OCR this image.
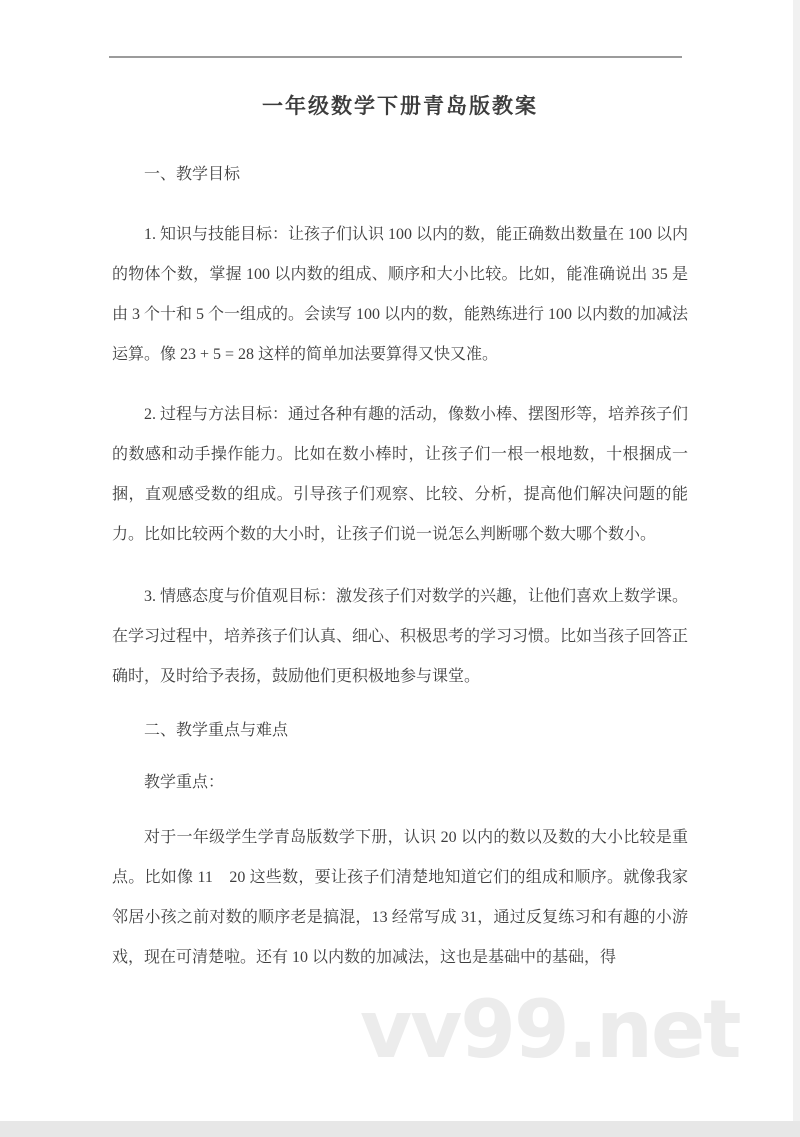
一年级数学下册青岛版教案

一、教学目标

1. 知识与技能目标：让孩子们认识 100 以内的数，能正确数出数量在 100 以内的物体个数，掌握 100 以内数的组成、顺序和大小比较。比如，能准确说出 35 是由 3 个十和 5 个一组成的。会读写 100 以内的数，能熟练进行 100 以内数的加减法运算。像 23 + 5 = 28 这样的简单加法要算得又快又准。

2. 过程与方法目标：通过各种有趣的活动，像数小棒、摆图形等，培养孩子们的数感和动手操作能力。比如在数小棒时，让孩子们一根一根地数，十根捆成一捆，直观感受数的组成。引导孩子们观察、比较、分析，提高他们解决问题的能力。比如比较两个数的大小时，让孩子们说一说怎么判断哪个数大哪个数小。

3. 情感态度与价值观目标：激发孩子们对数学的兴趣，让他们喜欢上数学课。在学习过程中，培养孩子们认真、细心、积极思考的学习习惯。比如当孩子回答正确时，及时给予表扬，鼓励他们更积极地参与课堂。

二、教学重点与难点

教学重点：

对于一年级学生学青岛版数学下册，认识 20 以内的数以及数的大小比较是重点。比如像 11　20 这些数，要让孩子们清楚地知道它们的组成和顺序。就像我家邻居小孩之前对数的顺序老是搞混，13 经常写成 31，通过反复练习和有趣的小游戏，现在可清楚啦。还有 10 以内数的加减法，这也是基础中的基础，得

vv99.net
